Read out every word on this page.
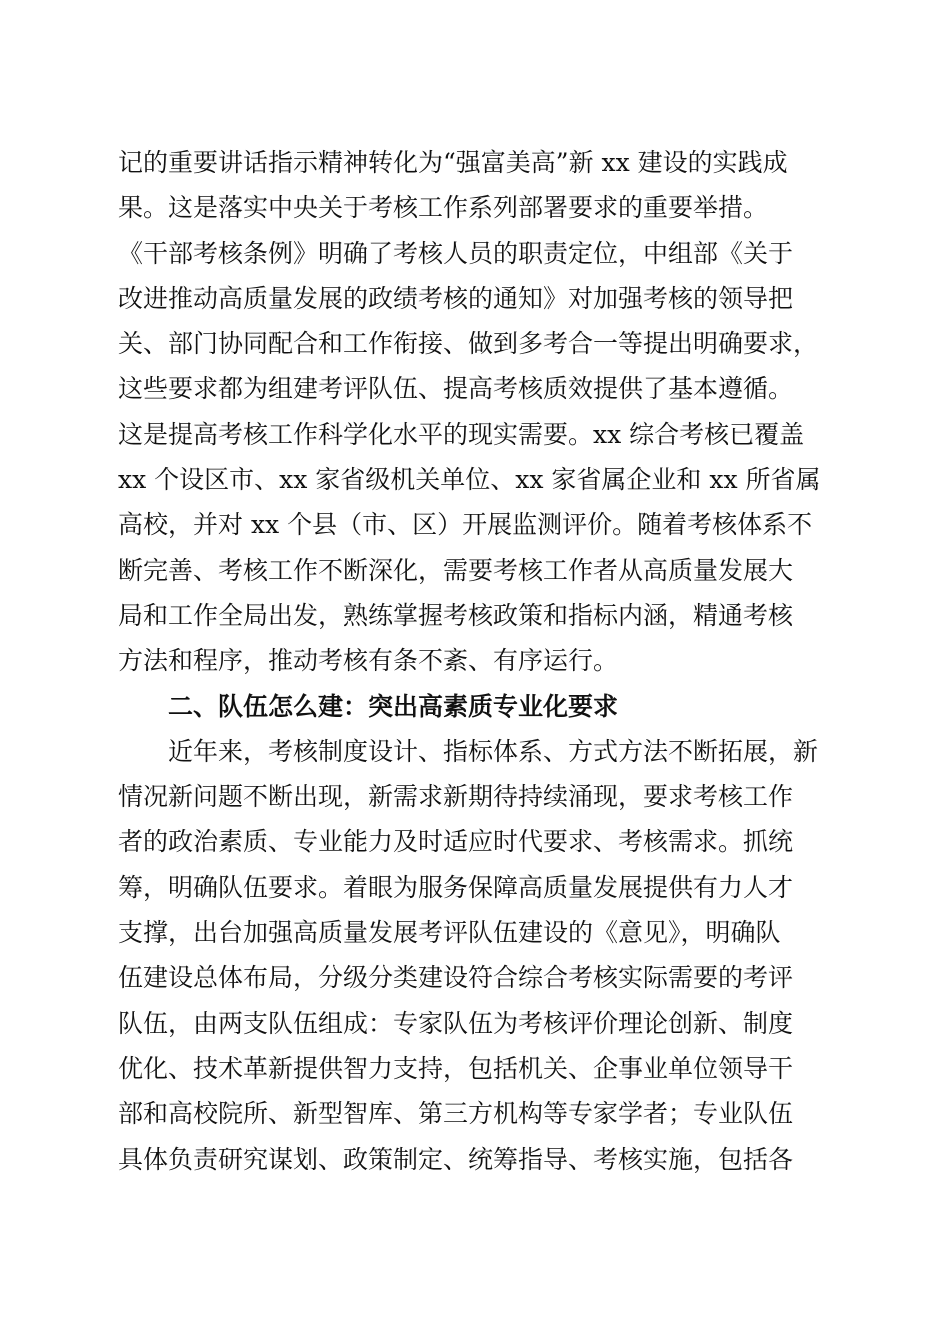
记的重要讲话指示精神转化为“强富美高”新 xx 建设的实践成
果。这是落实中央关于考核工作系列部署要求的重要举措。
《干部考核条例》明确了考核人员的职责定位，中组部《关于
改进推动高质量发展的政绩考核的通知》对加强考核的领导把
关、部门协同配合和工作衔接、做到多考合一等提出明确要求，
这些要求都为组建考评队伍、提高考核质效提供了基本遵循。
这是提高考核工作科学化水平的现实需要。xx 综合考核已覆盖
xx 个设区市、xx 家省级机关单位、xx 家省属企业和 xx 所省属
高校，并对 xx 个县（市、区）开展监测评价。随着考核体系不
断完善、考核工作不断深化，需要考核工作者从高质量发展大
局和工作全局出发，熟练掌握考核政策和指标内涵，精通考核
方法和程序，推动考核有条不紊、有序运行。
二、队伍怎么建：突出高素质专业化要求
近年来，考核制度设计、指标体系、方式方法不断拓展，新
情况新问题不断出现，新需求新期待持续涌现，要求考核工作
者的政治素质、专业能力及时适应时代要求、考核需求。抓统
筹，明确队伍要求。着眼为服务保障高质量发展提供有力人才
支撑，出台加强高质量发展考评队伍建设的《意见》，明确队
伍建设总体布局，分级分类建设符合综合考核实际需要的考评
队伍，由两支队伍组成：专家队伍为考核评价理论创新、制度
优化、技术革新提供智力支持，包括机关、企事业单位领导干
部和高校院所、新型智库、第三方机构等专家学者；专业队伍
具体负责研究谋划、政策制定、统筹指导、考核实施，包括各
